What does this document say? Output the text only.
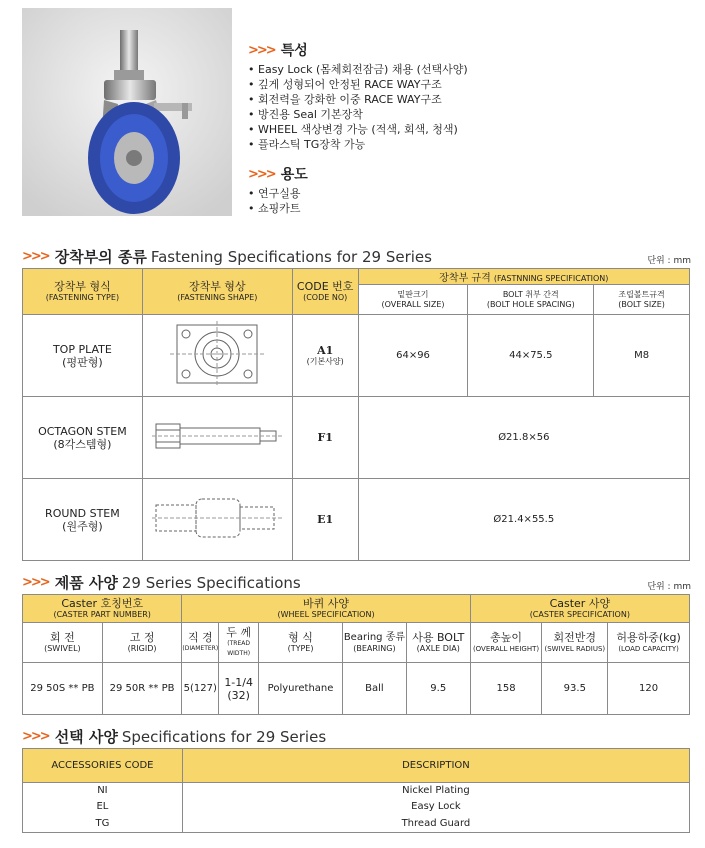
>>> 특성
• Easy Lock (몸체회전잠금) 채용 (선택사양)
• 깊게 성형되어 안정된 RACE WAY구조
• 회전력을 강화한 이중 RACE WAY구조
• 방진용 Seal 기본장착
• WHEEL 색상변경 가능 (적색, 회색, 청색)
• 플라스틱 TG장착 가능
>>> 용도
• 연구실용
• 쇼핑카트
>>> 장착부의 종류 Fastening Specifications for 29 Series	단위 : mm
장착부 형식
(FASTENING TYPE)	장착부 형상
(FASTENING SHAPE)	CODE 번호
(CODE NO)	장착부 규격 (FASTNNING SPECIFICATION)		

			밑판크기
(OVERALL SIZE)	BOLT 취부 간격
(BOLT HOLE SPACING)	조립볼트규격
(BOLT SIZE)

TOP PLATE
(평판형)		A1
(기본사양)	64×96	44×75.5	M8

OCTAGON STEM
(8각스템형)		F1	Ø21.8×56		

ROUND STEM
(원주형)		E1	Ø21.4×55.5		
>>> 제품 사양 29 Series Specifications	단위 : mm
Caster 호칭번호
(CASTER PART NUMBER)		바퀴 사양
(WHEEL SPECIFICATION)					Caster 사양
(CASTER SPECIFICATION)		

회 전
(SWIVEL)	고 정
(RIGID)	직 경
(DIAMETER)	두 께
(TREAD WIDTH)	형 식
(TYPE)	Bearing 종류
(BEARING)	사용 BOLT
(AXLE DIA)	총높이
(OVERALL HEIGHT)	회전반경
(SWIVEL RADIUS)	허용하중(kg)
(LOAD CAPACITY)

29 50S ** PB	29 50R ** PB	5(127)	1-1/4
(32)	Polyurethane	Ball	9.5	158	93.5	120
>>> 선택 사양 Specifications for 29 Series
ACCESSORIES CODE	DESCRIPTION
NI	Nickel Plating
EL	Easy Lock
TG	Thread Guard
